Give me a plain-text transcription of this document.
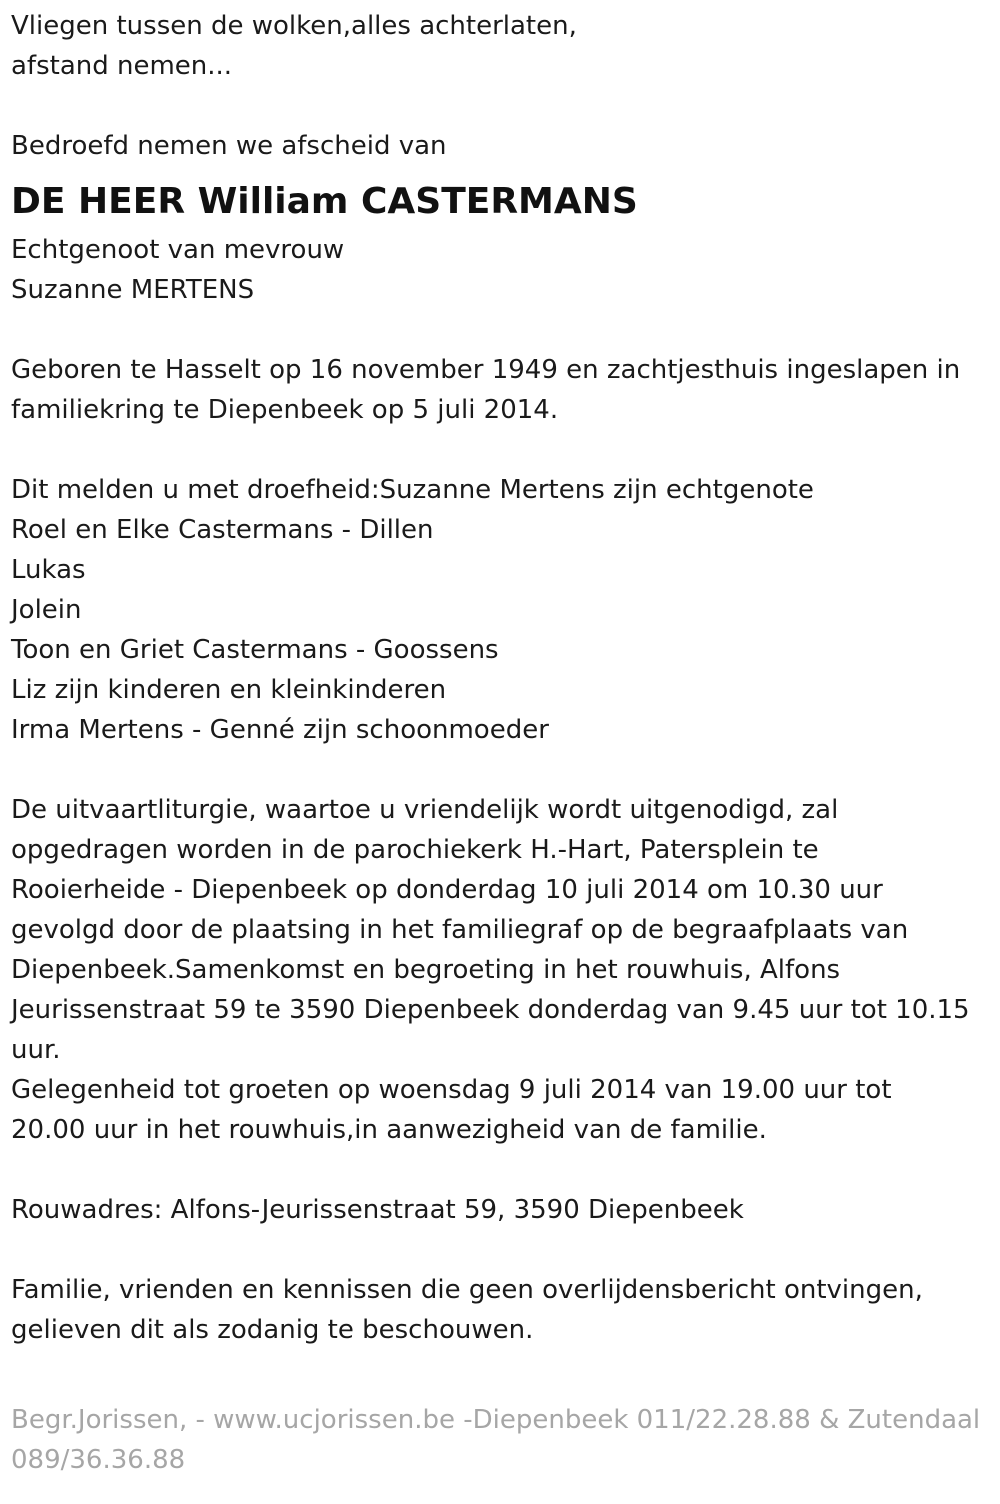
Vliegen tussen de wolken,alles achterlaten,
afstand nemen...
Bedroefd nemen we afscheid van
DE HEER William CASTERMANS
Echtgenoot van mevrouw
Suzanne MERTENS
Geboren te Hasselt op 16 november 1949 en zachtjesthuis ingeslapen in
familiekring te Diepenbeek op 5 juli 2014.
Dit melden u met droefheid:Suzanne Mertens zijn echtgenote
Roel en Elke Castermans - Dillen
Lukas
Jolein
Toon en Griet Castermans - Goossens
Liz zijn kinderen en kleinkinderen
Irma Mertens - Genné zijn schoonmoeder
De uitvaartliturgie, waartoe u vriendelijk wordt uitgenodigd, zal
opgedragen worden in de parochiekerk H.-Hart, Patersplein te
Rooierheide - Diepenbeek op donderdag 10 juli 2014 om 10.30 uur
gevolgd door de plaatsing in het familiegraf op de begraafplaats van
Diepenbeek.Samenkomst en begroeting in het rouwhuis, Alfons
Jeurissenstraat 59 te 3590 Diepenbeek donderdag van 9.45 uur tot 10.15
uur.
Gelegenheid tot groeten op woensdag 9 juli 2014 van 19.00 uur tot
20.00 uur in het rouwhuis,in aanwezigheid van de familie.
Rouwadres: Alfons-Jeurissenstraat 59, 3590 Diepenbeek
Familie, vrienden en kennissen die geen overlijdensbericht ontvingen,
gelieven dit als zodanig te beschouwen.
Begr.Jorissen, - www.ucjorissen.be -Diepenbeek 011/22.28.88 & Zutendaal
089/36.36.88
